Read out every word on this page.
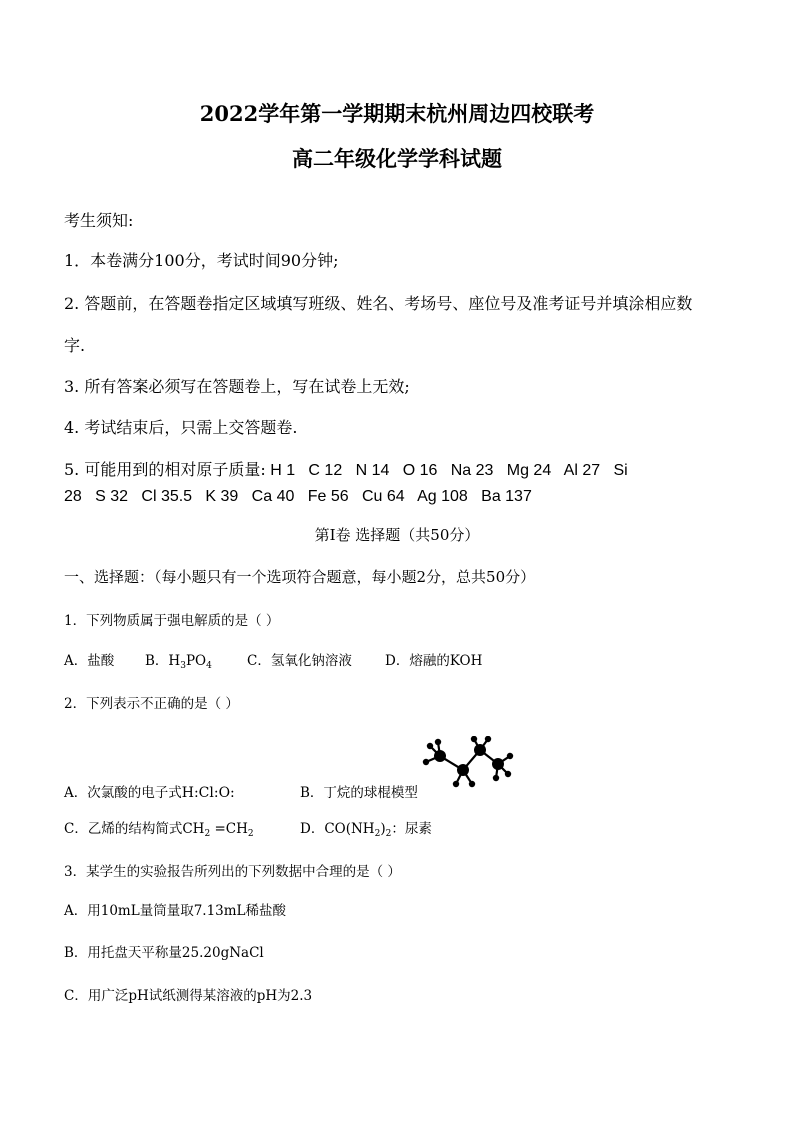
2022学年第一学期期末杭州周边四校联考
高二年级化学学科试题
考生须知:
1．本卷满分100分，考试时间90分钟;
2. 答题前，在答题卷指定区域填写班级、姓名、考场号、座位号及准考证号并填涂相应数
字.
3. 所有答案必须写在答题卷上，写在试卷上无效;
4. 考试结束后，只需上交答题卷.
5. 可能用到的相对原子质量: H 1   C 12   N 14   O 16   Na 23   Mg 24   Al 27   Si
28   S 32   Cl 35.5   K 39   Ca 40   Fe 56   Cu 64   Ag 108   Ba 137
第Ⅰ卷 选择题（共50分）
一、选择题：（每小题只有一个选项符合题意，每小题2分，总共50分）
1．下列物质属于强电解质的是（ ）
A．盐酸 B．$H_3PO_4$	C．氢氧化钠溶液 D．熔融的KOH
2．下列表示不正确的是（ ）
A．次氯酸的电子式H:Cl:O:	B．丁烷的球棍模型
C．乙烯的结构简式$CH_2 =CH_2$	D．$CO(NH_2)_2$：尿素
3．某学生的实验报告所列出的下列数据中合理的是（ ）
A．用10mL量筒量取7.13mL稀盐酸
B．用托盘天平称量25.20gNaCl
C．用广泛pH试纸测得某溶液的pH为2.3
